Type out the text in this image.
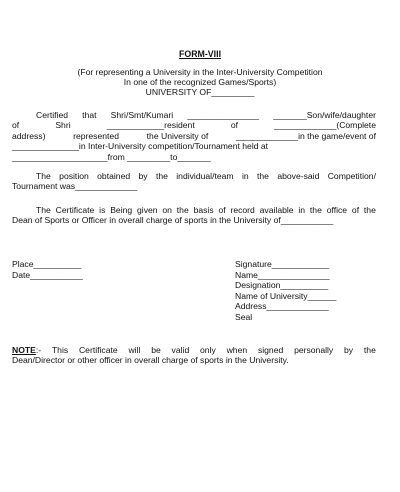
FORM-VIII
(For representing a University in the Inter-University Competition
In one of the recognized Games/Sports)
UNIVERSITY OF_________
Certified that Shri/Smt/Kumari _______________ _______Son/wife/daughter
of	Shri	____________resident	of	_____________(Complete
address)	represented	the University of	_____________in the game/event of
______________in Inter-University competition/Tournament held at
____________________from _________to_______
The position obtained by the individual/team in the above-said Competition/
Tournament was_____________
The Certificate is Being given on the basis of record available in the office of the
Dean of Sports or Officer in overall charge of sports in the University of___________
Place__________
Date___________
Signature____________
Name_______________
Designation__________
Name of University______
Address_____________
Seal
NOTE:- This Certificate will be valid only when signed personally by the
Dean/Director or other officer in overall charge of sports in the University.
